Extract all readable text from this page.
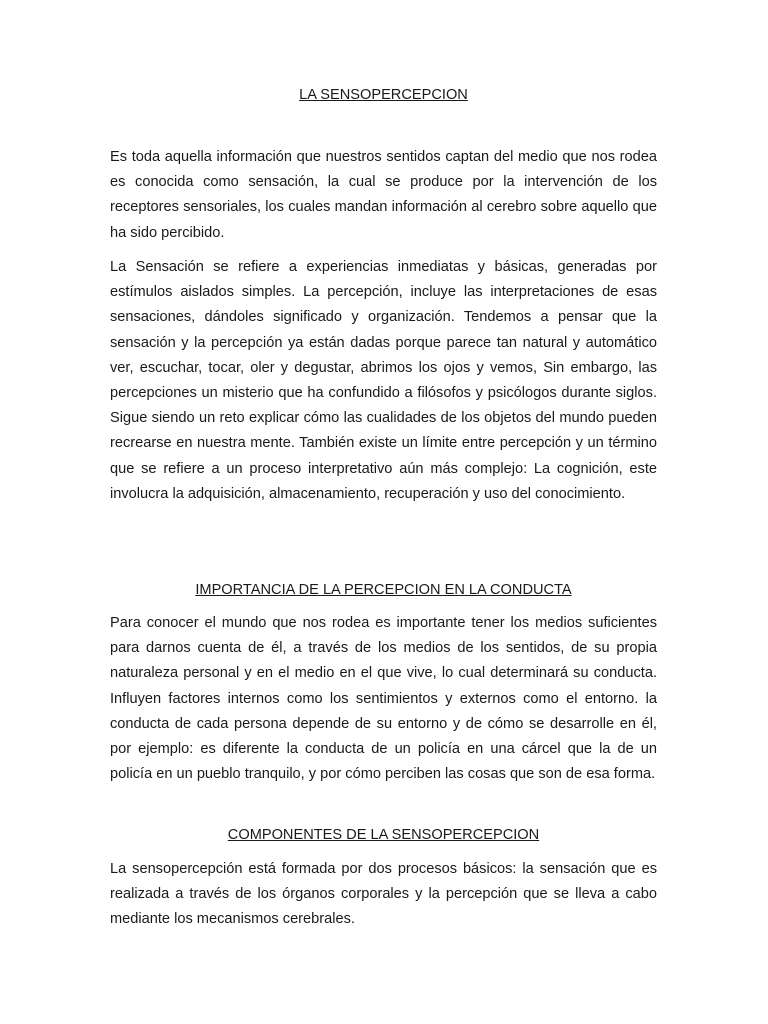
LA SENSOPERCEPCION

Es toda aquella información que nuestros sentidos captan del medio que nos rodea es conocida como sensación, la cual se produce por la intervención de los receptores sensoriales, los cuales mandan información al cerebro sobre aquello que ha sido percibido.

La Sensación se refiere a experiencias inmediatas y básicas, generadas por estímulos aislados simples. La percepción, incluye las interpretaciones de esas sensaciones, dándoles significado y organización. Tendemos a pensar que la sensación y la percepción ya están dadas porque parece tan natural y automático ver, escuchar, tocar, oler y degustar, abrimos los ojos y vemos, Sin embargo, las percepciones un misterio que ha confundido a filósofos y psicólogos durante siglos. Sigue siendo un reto explicar cómo las cualidades de los objetos del mundo pueden recrearse en nuestra mente. También existe un límite entre percepción y un término que se refiere a un proceso interpretativo aún más complejo: La cognición, este involucra la adquisición, almacenamiento, recuperación y uso del conocimiento.

IMPORTANCIA DE LA PERCEPCION EN LA CONDUCTA

Para conocer el mundo que nos rodea es importante tener los medios suficientes para darnos cuenta de él, a través de los medios de los sentidos, de su propia naturaleza personal y en el medio en el que vive, lo cual determinará su conducta. Influyen factores internos como los sentimientos y externos como el entorno. la conducta de cada persona depende de su entorno y de cómo se desarrolle en él, por ejemplo: es diferente la conducta de un policía en una cárcel que la de un policía en un pueblo tranquilo, y por cómo perciben las cosas que son de esa forma.

COMPONENTES DE LA SENSOPERCEPCION

La sensopercepción está formada por dos procesos básicos: la sensación que es realizada a través de los órganos corporales y la percepción que se lleva a cabo mediante los mecanismos cerebrales.
